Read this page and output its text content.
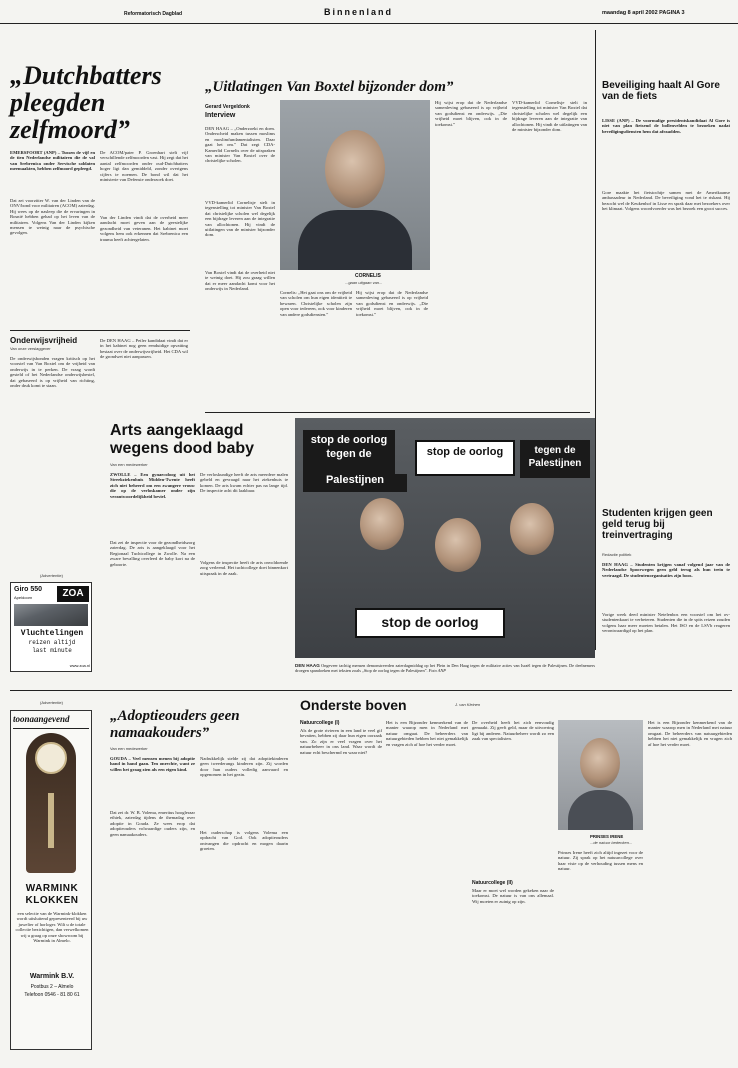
Reformatorisch Dagblad	Binnenland	maandag 8 april 2002 PAGINA 3
„Dutchbatters pleegden zelfmoord”
EMERSFOORT (ANP) – Tussen de vijf en de tien Nederlandse militairen die de val van Srebrenica onder Servische soldaten meemaakten, hebben zelfmoord gepleegd.
Dat zei voorzitter W. van der Linden van de ONV/bond voor militairen (ACOM) zaterdag. Hij wees op de nasleep die de ervaringen in Bosnië hebben gehad op het leven van de militairen. Volgens Van der Linden kijken mensen te weinig naar de psychische gevolgen.
De ACOM/pater P. Groenhart stelt vijf verschillende zelfmoorden vast. Hij zegt dat het aantal zelfmoorden onder oud-Dutchbatters hoger ligt dan gemiddeld, zonder overigens cijfers te noemen. De bond wil dat het ministerie van Defensie onderzoek doet.
Van der Linden vindt dat de overheid meer aandacht moet geven aan de geestelijke gezondheid van veteranen. Het kabinet moet volgens hem ook erkennen dat Srebrenica een trauma heeft achtergelaten.
Onderwijsvrijheid
Van onze verslaggever
De onderwijsbonden vragen kritisch op het voorstel van Van Boxtel om de vrijheid van onderwijs in te perken. De vraag wordt gesteld of het Nederlandse onderwijsbestel, dat gebaseerd is op vrijheid van richting, onder druk komt te staan.
De DEN HAAG – Peiler kandidaat vindt dat er in het kabinet nog geen eenduidige opvatting bestaat over de onderwijsvrijheid. Het CDA wil de grondwet niet aanpassen.
(Advertentie)
Giro 550
Apeldoorn	ZOA
Vluchtelingen
reizen altijd
last minute
www.zoa.nl
„Uitlatingen Van Boxtel bijzonder dom”
Gerard Vergeldonk
Interview
DEN HAAG – „Onderzoekt en doen. Onderscheid maken tussen moslims en moslimfundamentalisten. Daar gaat het om.” Dat zegt CDA-Kamerlid Cornelis over de uitspraken van minister Van Boxtel over de christelijke scholen.
VVD-kamerlid Cornelisje stelt in tegenstelling tot minister Van Boxtel dat christelijke scholen wel degelijk een bijdrage leveren aan de integratie van allochtonen. Hij vindt de uitlatingen van de minister bijzonder dom.
Van Boxtel vindt dat de overheid niet te weinig doet. Hij zou graag willen dat er meer aandacht komt voor het onderwijs in Nederland.
CORNELIS
...gaan uitgaan van...
Cornelis: „Het gaat ons om de vrijheid van scholen om hun eigen identiteit te bewaren. Christelijke scholen zijn open voor iedereen, ook voor kinderen van andere godsdiensten.”
Hij wijst erop dat de Nederlandse samenleving gebaseerd is op vrijheid van godsdienst en onderwijs. „Die vrijheid moet blijven, ook in de toekomst.”
Hij wijst erop dat de Nederlandse samenleving gebaseerd is op vrijheid van godsdienst en onderwijs. „Die vrijheid moet blijven, ook in de toekomst.”
VVD-kamerlid Cornelisje stelt in tegenstelling tot minister Van Boxtel dat christelijke scholen wel degelijk een bijdrage leveren aan de integratie van allochtonen. Hij vindt de uitlatingen van de minister bijzonder dom.
Beveiliging haalt Al Gore van de fiets
LISSE (ANP) – De voormalige presidentskandidaat Al Gore is niet van plan fietsend de bollenvelden te bezoeken nadat beveiligingsdiensten hem dat afraadden.
Gore maakte het fietstochtje samen met de Amerikaanse ambassadeur in Nederland. De beveiliging vond het te riskant. Hij bezocht wel de Keukenhof in Lisse en sprak daar met bezoekers over het klimaat. Volgens woordvoerder was het bezoek een groot succes.
Arts aangeklaagd wegens dood baby
Van een medewerker
ZWOLLE – Een gynaecoloog uit het Streekziekenhuis Midden-Twente heeft zich niet beheerd om een zwangere vrouw die op de verloskamer onder zijn verantwoordelijkheid beviel.
Dat zei de inspectie voor de gezondheidszorg zaterdag. De arts is aangeklaagd voor het Regionaal Tuchtcollege in Zwolle. Na een zware bevalling overleed de baby kort na de geboorte.
De verloskundige heeft de arts meerdere malen gebeld en gevraagd naar het ziekenhuis te komen. De arts kwam echter pas na lange tijd. De inspectie acht dit laakbaar.
Volgens de inspectie heeft de arts onvoldoende zorg verleend. Het tuchtcollege doet binnenkort uitspraak in de zaak.
stop de oorlog
tegen de
Palestijnen
stop de oorlog	tegen de
Palestijnen
stop de oorlog
DEN HAAG Ongeveer tachtig mensen demonstreerden zaterdagmiddag op het Plein in Den Haag tegen de militaire acties van Israël tegen de Palestijnen. De deelnemers droegen spandoeken met teksten zoals „Stop de oorlog tegen de Palestijnen”. Foto ANP
Studenten krijgen geen geld terug bij treinvertraging
Redactie politiek
DEN HAAG – Studenten krijgen vanaf volgend jaar van de Nederlandse Spoorwegen geen geld terug als hun trein te vertraagd. De studentenorganisaties zijn boos.
Vorige week deed minister Netelenbos een voorstel om het ov-studentenkaart te verbeteren. Studenten die in de spits reizen zouden volgens haar meer moeten betalen. Het ISO en de LSVb reageren verontwaardigd op het plan.
(Advertentie)
toonaangevend
WARMINK
KLOKKEN
een selectie van de Warmink-klokken wordt uitsluitend gepresenteerd bij uw juwelier of horloger. Wilt u de totale collectie bezichtigen, dan verwelkomen wij u graag op onze showroom bij Warmink in Almelo.
Warmink B.V.
Postbus 2 – Almelo
Telefoon 0546 - 81 80 61
„Adoptieouders geen namaakouders”
Van een medewerker
GOUDA – Veel mensen menen bij adoptie hand in hand gaan. Ten onrechte, want ze willen het graag zien als een eigen kind.
Dat zei dr. W. B. Volema, emeritus hoogleraar ethiek, zaterdag tijdens de themadag over adoptie in Gouda. Ze wees erop dat adoptieouders volwaardige ouders zijn, en geen namaakouders.
Nadrukkelijk stelde zij dat adoptiekinderen geen tweederangs kinderen zijn. Zij worden door hun ouders volledig aanvaard en opgenomen in het gezin.
Het ouderschap is volgens Volema een opdracht van God. Ook adoptieouders ontvangen die opdracht en mogen daarin groeien.
Onderste boven	J. van Kleinen
Natuurcollege (I)
Als de grote rivieren in een land te veel gif bevatten, hebben zij daar hun eigen oorzaak van. Zo zijn er veel vragen over het natuurbeheer in ons land. Waar wordt de natuur echt beschermd en waar niet?
Het is een Bijzonder kenmerkend van de manier waarop men in Nederland met natuur omgaat. De beheerders van natuurgebieden hebben het niet gemakkelijk en vragen zich af hoe het verder moet.
De overheid heeft het zich eenvoudig gemaakt. Zij geeft geld, maar de uitvoering ligt bij anderen. Natuurbeheer wordt zo een zaak van specialisten.
Natuurcollege (II)
Maar er moet wel worden gekeken naar de toekomst. De natuur is van ons allemaal. Wij moeten er zuinig op zijn.
PRINSES IRENE
...de natuur bedenken...
Prinses Irene heeft zich altijd ingezet voor de natuur. Zij sprak op het natuurcollege over haar visie op de verhouding tussen mens en natuur.
Het is een Bijzonder kenmerkend van de manier waarop men in Nederland met natuur omgaat. De beheerders van natuurgebieden hebben het niet gemakkelijk en vragen zich af hoe het verder moet.
